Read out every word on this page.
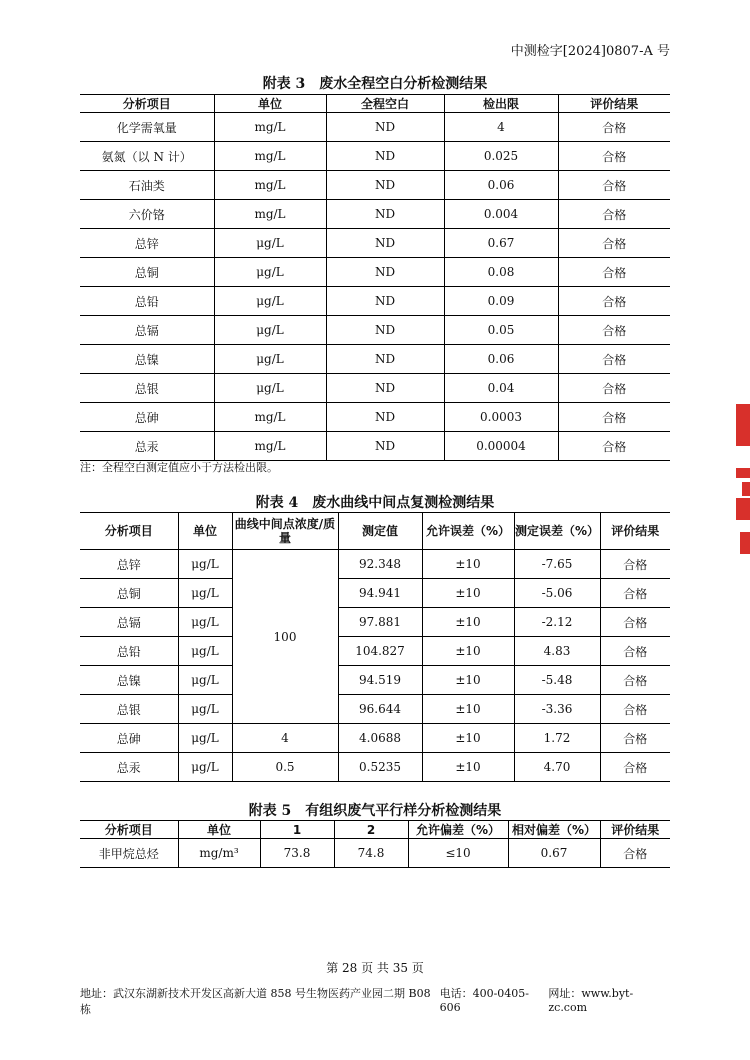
中测检字[2024]0807-A 号
附表 3　废水全程空白分析检测结果
分析项目	单位	全程空白	检出限	评价结果
化学需氧量	mg/L	ND	4	合格
氨氮（以 N 计）	mg/L	ND	0.025	合格
石油类	mg/L	ND	0.06	合格
六价铬	mg/L	ND	0.004	合格
总锌	μg/L	ND	0.67	合格
总铜	μg/L	ND	0.08	合格
总铅	μg/L	ND	0.09	合格
总镉	μg/L	ND	0.05	合格
总镍	μg/L	ND	0.06	合格
总银	μg/L	ND	0.04	合格
总砷	mg/L	ND	0.0003	合格
总汞	mg/L	ND	0.00004	合格
注：全程空白测定值应小于方法检出限。
附表 4　废水曲线中间点复测检测结果
分析项目	单位	曲线中间点浓度/质量	测定值	允许误差（%）	测定误差（%）	评价结果
总锌	μg/L	100	92.348	±10	-7.65	合格
总铜	μg/L		94.941	±10	-5.06	合格
总镉	μg/L		97.881	±10	-2.12	合格
总铅	μg/L		104.827	±10	4.83	合格
总镍	μg/L		94.519	±10	-5.48	合格
总银	μg/L		96.644	±10	-3.36	合格
总砷	μg/L	4	4.0688	±10	1.72	合格
总汞	μg/L	0.5	0.5235	±10	4.70	合格
附表 5　有组织废气平行样分析检测结果
分析项目	单位	1	2	允许偏差（%）	相对偏差（%）	评价结果
非甲烷总烃	mg/m³	73.8	74.8	≤10	0.67	合格
第 28 页 共 35 页
地址：武汉东湖新技术开发区高新大道 858 号生物医药产业园二期 B08 栋
电话：400-0405-606
网址：www.byt-zc.com
